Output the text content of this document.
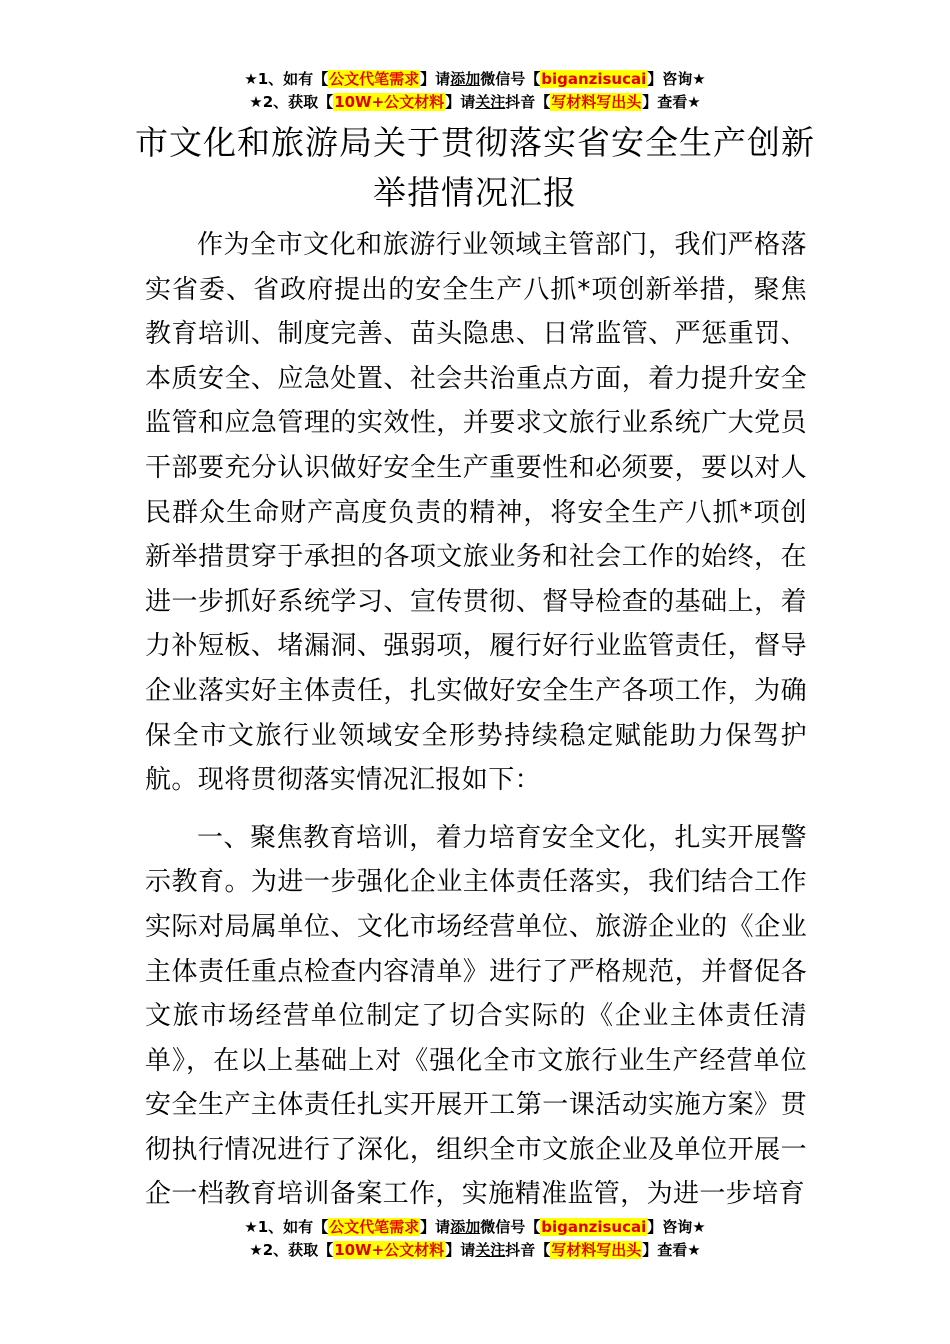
★1、如有【公文代笔需求】请添加微信号【biganzisucai】咨询★
★2、获取【10W+公文材料】请关注抖音【写材料写出头】查看★
市文化和旅游局关于贯彻落实省安全生产创新举措情况汇报

作为全市文化和旅游行业领域主管部门，我们严格落实省委、省政府提出的安全生产八抓*项创新举措，聚焦教育培训、制度完善、苗头隐患、日常监管、严惩重罚、本质安全、应急处置、社会共治重点方面，着力提升安全监管和应急管理的实效性，并要求文旅行业系统广大党员干部要充分认识做好安全生产重要性和必须要，要以对人民群众生命财产高度负责的精神，将安全生产八抓*项创新举措贯穿于承担的各项文旅业务和社会工作的始终，在进一步抓好系统学习、宣传贯彻、督导检查的基础上，着力补短板、堵漏洞、强弱项，履行好行业监管责任，督导企业落实好主体责任，扎实做好安全生产各项工作，为确保全市文旅行业领域安全形势持续稳定赋能助力保驾护航。现将贯彻落实情况汇报如下：

一、聚焦教育培训，着力培育安全文化，扎实开展警示教育。为进一步强化企业主体责任落实，我们结合工作实际对局属单位、文化市场经营单位、旅游企业的《企业主体责任重点检查内容清单》进行了严格规范，并督促各文旅市场经营单位制定了切合实际的《企业主体责任清单》，在以上基础上对《强化全市文旅行业生产经营单位安全生产主体责任扎实开展开工第一课活动实施方案》贯彻执行情况进行了深化，组织全市文旅企业及单位开展一企一档教育培训备案工作，实施精准监管，为进一步培育

★1、如有【公文代笔需求】请添加微信号【biganzisucai】咨询★
★2、获取【10W+公文材料】请关注抖音【写材料写出头】查看★
